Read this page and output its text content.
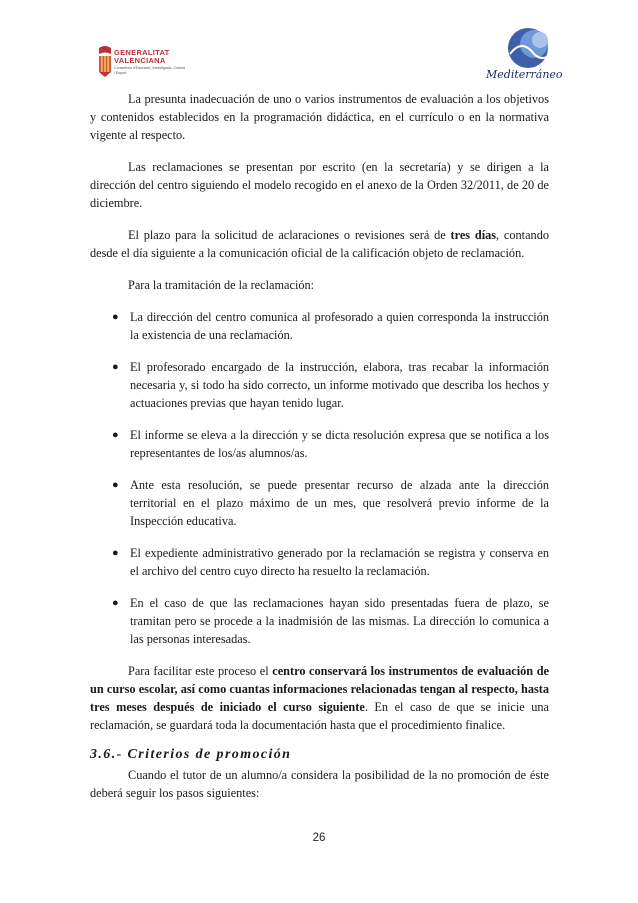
GENERALITAT
VALENCIANA
Conselleria d'Educació, Investigació, Cultura i Esport	Mediterráneo

La presunta inadecuación de uno o varios instrumentos de evaluación a los objetivos y contenidos establecidos en la programación didáctica, en el currículo o en la normativa vigente al respecto.

Las reclamaciones se presentan por escrito (en la secretaría) y se dirigen a la dirección del centro siguiendo el modelo recogido en el anexo de la Orden 32/2011, de 20 de diciembre.

El plazo para la solicitud de aclaraciones o revisiones será de tres días, contando desde el día siguiente a la comunicación oficial de la calificación objeto de reclamación.

Para la tramitación de la reclamación:

● La dirección del centro comunica al profesorado a quien corresponda la instrucción la existencia de una reclamación.
● El profesorado encargado de la instrucción, elabora, tras recabar la información necesaria y, si todo ha sido correcto, un informe motivado que describa los hechos y actuaciones previas que hayan tenido lugar.
● El informe se eleva a la dirección y se dicta resolución expresa que se notifica a los representantes de los/as alumnos/as.
● Ante esta resolución, se puede presentar recurso de alzada ante la dirección territorial en el plazo máximo de un mes, que resolverá previo informe de la Inspección educativa.
● El expediente administrativo generado por la reclamación se registra y conserva en el archivo del centro cuyo directo ha resuelto la reclamación.
● En el caso de que las reclamaciones hayan sido presentadas fuera de plazo, se tramitan pero se procede a la inadmisión de las mismas. La dirección lo comunica a las personas interesadas.

Para facilitar este proceso el centro conservará los instrumentos de evaluación de un curso escolar, así como cuantas informaciones relacionadas tengan al respecto, hasta tres meses después de iniciado el curso siguiente. En el caso de que se inicie una reclamación, se guardará toda la documentación hasta que el procedimiento finalice.

3.6.- Criterios de promoción

Cuando el tutor de un alumno/a considera la posibilidad de la no promoción de éste deberá seguir los pasos siguientes:

26
